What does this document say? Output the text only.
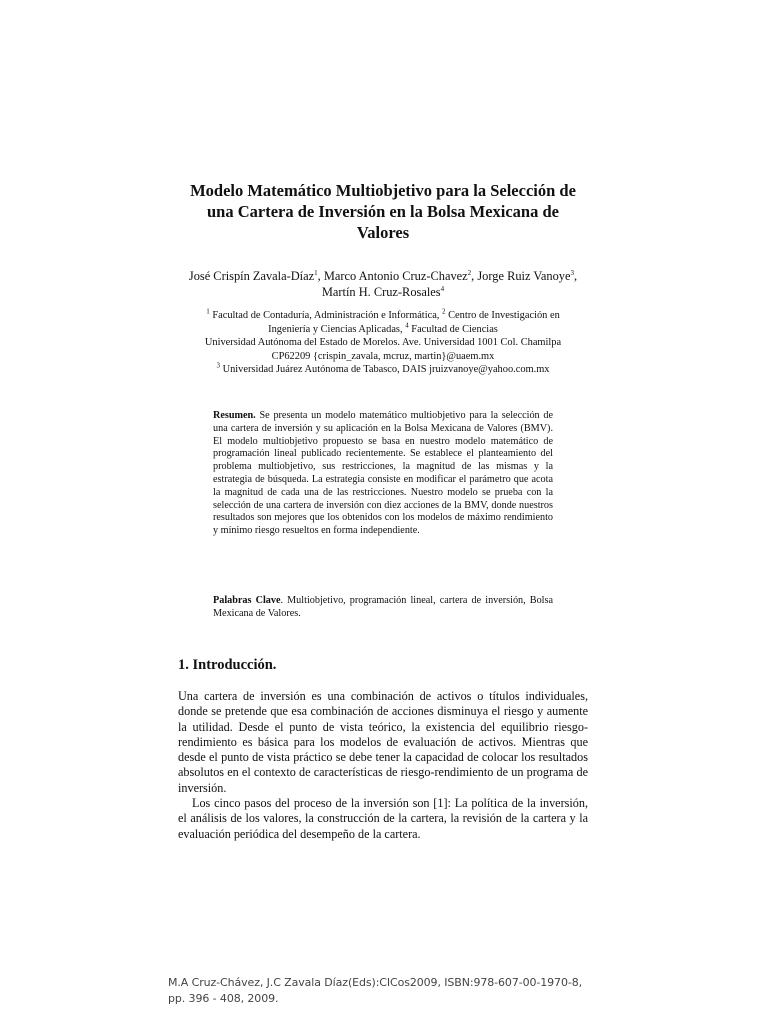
Modelo Matemático Multiobjetivo para la Selección de
una Cartera de Inversión en la Bolsa Mexicana de
Valores
José Crispín Zavala-Díaz$^1$, Marco Antonio Cruz-Chavez$^2$, Jorge Ruiz Vanoye$^3$,
Martín H. Cruz-Rosales$^4$
$^1$ Facultad de Contaduría, Administración e Informática, $^2$ Centro de Investigación en
Ingeniería y Ciencias Aplicadas, $^4$ Facultad de Ciencias
Universidad Autónoma del Estado de Morelos. Ave. Universidad 1001 Col. Chamilpa
CP62209 {crispin_zavala, mcruz, martin}@uaem.mx
$^3$ Universidad Juárez Autónoma de Tabasco, DAIS jruizvanoye@yahoo.com.mx
Resumen. Se presenta un modelo matemático multiobjetivo para la selección de una cartera de inversión y su aplicación en la Bolsa Mexicana de Valores (BMV). El modelo multiobjetivo propuesto se basa en nuestro modelo matemático de programación lineal publicado recientemente. Se establece el planteamiento del problema multiobjetivo, sus restricciones, la magnitud de las mismas y la estrategia de búsqueda. La estrategia consiste en modificar el parámetro que acota la magnitud de cada una de las restricciones. Nuestro modelo se prueba con la selección de una cartera de inversión con diez acciones de la BMV, donde nuestros resultados son mejores que los obtenidos con los modelos de máximo rendimiento y mínimo riesgo resueltos en forma independiente.
Palabras Clave. Multiobjetivo, programación lineal, cartera de inversión, Bolsa Mexicana de Valores.
1. Introducción.

Una cartera de inversión es una combinación de activos o títulos individuales, donde se pretende que esa combinación de acciones disminuya el riesgo y aumente la utilidad. Desde el punto de vista teórico, la existencia del equilibrio riesgo-rendimiento es básica para los modelos de evaluación de activos. Mientras que desde el punto de vista práctico se debe tener la capacidad de colocar los resultados absolutos en el contexto de características de riesgo-rendimiento de un programa de inversión.

Los cinco pasos del proceso de la inversión son [1]: La política de la inversión, el análisis de los valores, la construcción de la cartera, la revisión de la cartera y la evaluación periódica del desempeño de la cartera.

M.A Cruz-Chávez, J.C Zavala Díaz(Eds):CICos2009, ISBN:978-607-00-1970-8,
pp. 396 - 408, 2009.
